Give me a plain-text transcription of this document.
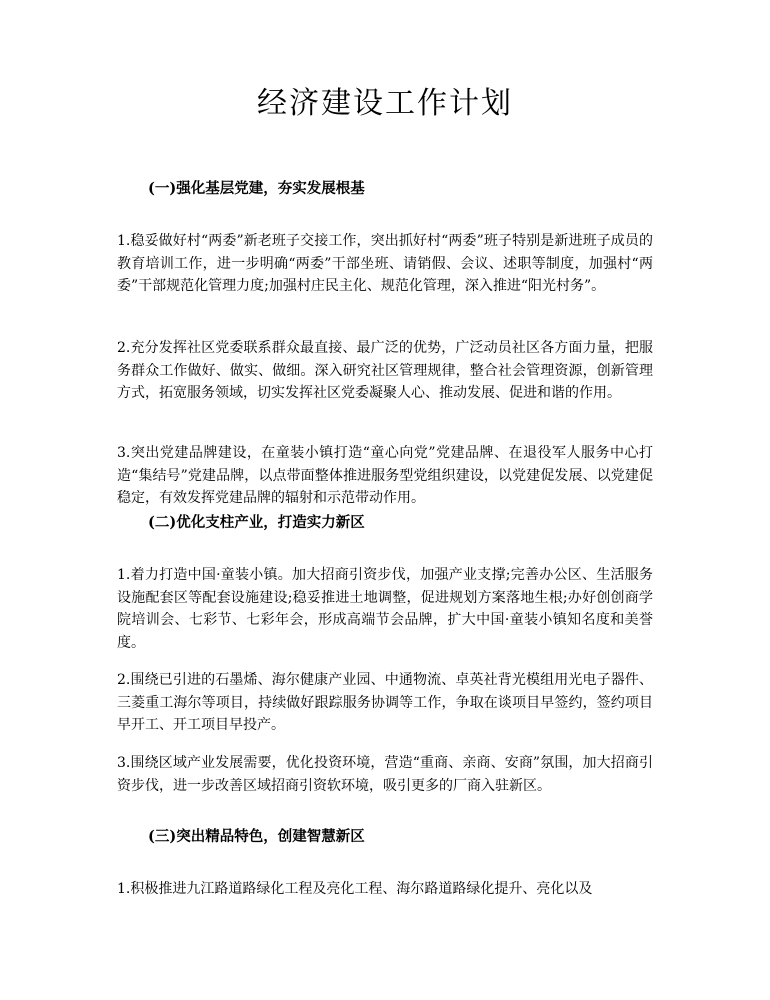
经济建设工作计划
(一)强化基层党建，夯实发展根基
1.稳妥做好村“两委”新老班子交接工作，突出抓好村“两委”班子特别是新进班子成员的教育培训工作，进一步明确“两委”干部坐班、请销假、会议、述职等制度，加强村“两委”干部规范化管理力度;加强村庄民主化、规范化管理，深入推进“阳光村务”。
2.充分发挥社区党委联系群众最直接、最广泛的优势，广泛动员社区各方面力量，把服务群众工作做好、做实、做细。深入研究社区管理规律，整合社会管理资源，创新管理方式，拓宽服务领域，切实发挥社区党委凝聚人心、推动发展、促进和谐的作用。
3.突出党建品牌建设，在童装小镇打造“童心向党”党建品牌、在退役军人服务中心打造“集结号”党建品牌，以点带面整体推进服务型党组织建设，以党建促发展、以党建促稳定，有效发挥党建品牌的辐射和示范带动作用。
(二)优化支柱产业，打造实力新区
1.着力打造中国·童装小镇。加大招商引资步伐，加强产业支撑;完善办公区、生活服务设施配套区等配套设施建设;稳妥推进土地调整，促进规划方案落地生根;办好创创商学院培训会、七彩节、七彩年会，形成高端节会品牌，扩大中国·童装小镇知名度和美誉度。
2.围绕已引进的石墨烯、海尔健康产业园、中通物流、卓英社背光模组用光电子器件、三菱重工海尔等项目，持续做好跟踪服务协调等工作，争取在谈项目早签约，签约项目早开工、开工项目早投产。
3.围绕区域产业发展需要，优化投资环境，营造“重商、亲商、安商”氛围，加大招商引资步伐，进一步改善区域招商引资软环境，吸引更多的厂商入驻新区。
(三)突出精品特色，创建智慧新区
1.积极推进九江路道路绿化工程及亮化工程、海尔路道路绿化提升、亮化以及
